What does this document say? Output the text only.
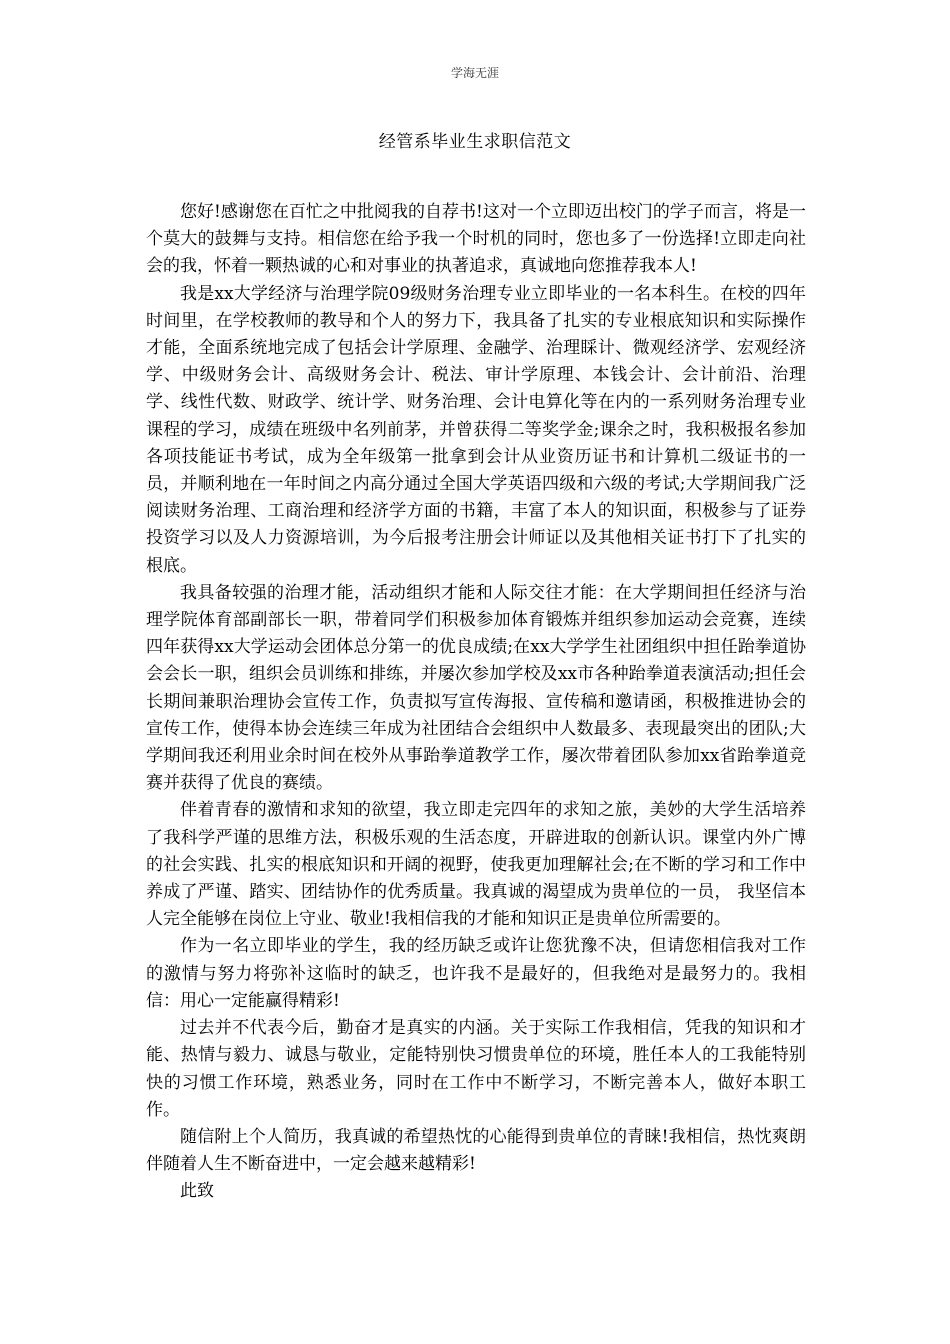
学海无涯
经管系毕业生求职信范文

您好!感谢您在百忙之中批阅我的自荐书!这对一个立即迈出校门的学子而言，将是一个莫大的鼓舞与支持。相信您在给予我一个时机的同时，您也多了一份选择!立即走向社会的我，怀着一颗热诚的心和对事业的执著追求，真诚地向您推荐我本人!

我是xx大学经济与治理学院09级财务治理专业立即毕业的一名本科生。在校的四年时间里，在学校教师的教导和个人的努力下，我具备了扎实的专业根底知识和实际操作才能，全面系统地完成了包括会计学原理、金融学、治理睬计、微观经济学、宏观经济学、中级财务会计、高级财务会计、税法、审计学原理、本钱会计、会计前沿、治理学、线性代数、财政学、统计学、财务治理、会计电算化等在内的一系列财务治理专业课程的学习，成绩在班级中名列前茅，并曾获得二等奖学金;课余之时，我积极报名参加各项技能证书考试，成为全年级第一批拿到会计从业资历证书和计算机二级证书的一员，并顺利地在一年时间之内高分通过全国大学英语四级和六级的考试;大学期间我广泛阅读财务治理、工商治理和经济学方面的书籍，丰富了本人的知识面，积极参与了证券投资学习以及人力资源培训，为今后报考注册会计师证以及其他相关证书打下了扎实的根底。

我具备较强的治理才能，活动组织才能和人际交往才能：在大学期间担任经济与治理学院体育部副部长一职，带着同学们积极参加体育锻炼并组织参加运动会竞赛，连续四年获得xx大学运动会团体总分第一的优良成绩;在xx大学学生社团组织中担任跆拳道协会会长一职，组织会员训练和排练，并屡次参加学校及xx市各种跆拳道表演活动;担任会长期间兼职治理协会宣传工作，负责拟写宣传海报、宣传稿和邀请函，积极推进协会的宣传工作，使得本协会连续三年成为社团结合会组织中人数最多、表现最突出的团队;大学期间我还利用业余时间在校外从事跆拳道教学工作，屡次带着团队参加xx省跆拳道竞赛并获得了优良的赛绩。

伴着青春的激情和求知的欲望，我立即走完四年的求知之旅，美妙的大学生活培养了我科学严谨的思维方法，积极乐观的生活态度，开辟进取的创新认识。课堂内外广博的社会实践、扎实的根底知识和开阔的视野，使我更加理解社会;在不断的学习和工作中养成了严谨、踏实、团结协作的优秀质量。我真诚的渴望成为贵单位的一员， 我坚信本人完全能够在岗位上守业、敬业!我相信我的才能和知识正是贵单位所需要的。

作为一名立即毕业的学生，我的经历缺乏或许让您犹豫不决，但请您相信我对工作的激情与努力将弥补这临时的缺乏，也许我不是最好的，但我绝对是最努力的。我相信：用心一定能赢得精彩!

过去并不代表今后，勤奋才是真实的内涵。关于实际工作我相信，凭我的知识和才能、热情与毅力、诚恳与敬业，定能特别快习惯贵单位的环境，胜任本人的工我能特别快的习惯工作环境，熟悉业务，同时在工作中不断学习，不断完善本人，做好本职工作。

随信附上个人简历，我真诚的希望热忱的心能得到贵单位的青睐!我相信，热忱爽朗伴随着人生不断奋进中，一定会越来越精彩!

此致
